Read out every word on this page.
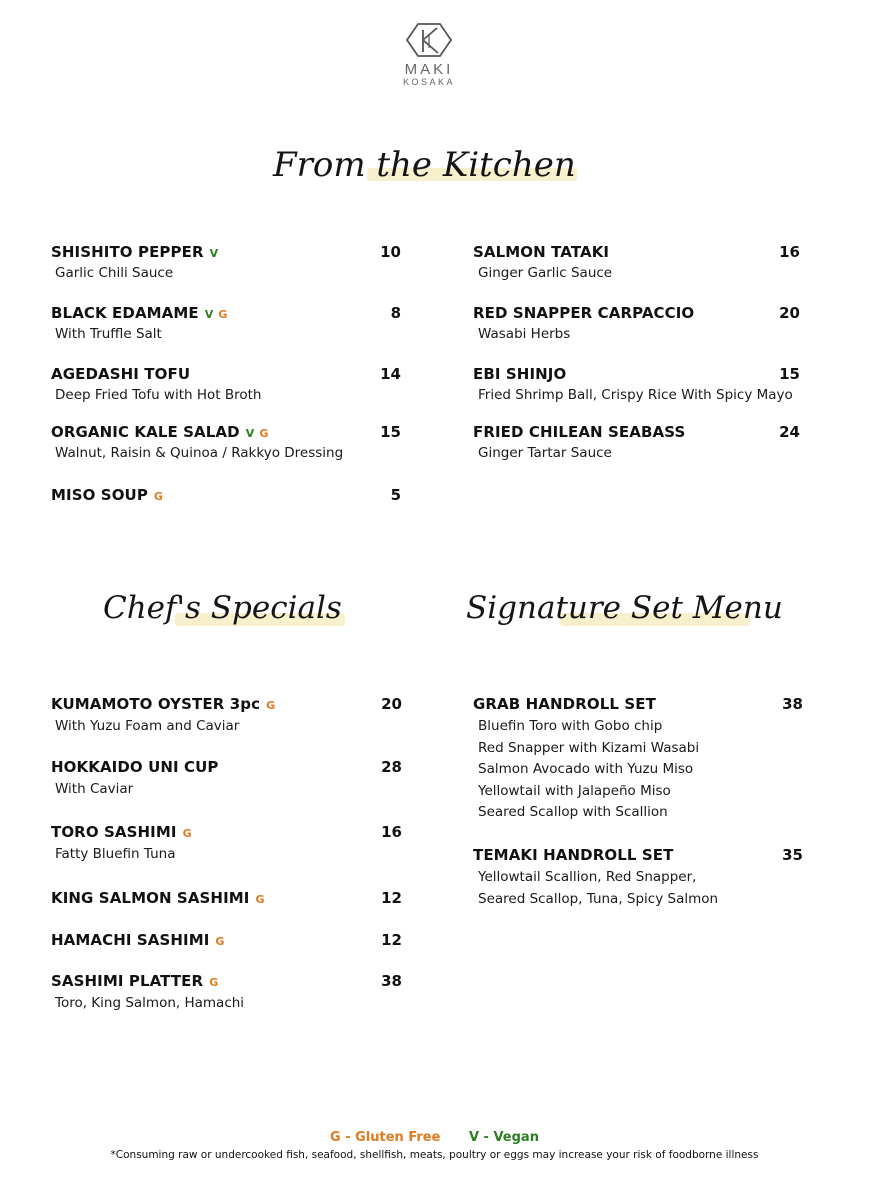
MAKI
KOSAKA
From the Kitchen
Chef's Specials	Signature Set Menu
SHISHITO PEPPER V	10
Garlic Chili Sauce
BLACK EDAMAME V G	8
With Truffle Salt
AGEDASHI TOFU	14
Deep Fried Tofu with Hot Broth
ORGANIC KALE SALAD V G	15
Walnut, Raisin & Quinoa / Rakkyo Dressing
MISO SOUP G	5
SALMON TATAKI	16
Ginger Garlic Sauce
RED SNAPPER CARPACCIO	20
Wasabi Herbs
EBI SHINJO	15
Fried Shrimp Ball, Crispy Rice With Spicy Mayo
FRIED CHILEAN SEABASS	24
Ginger Tartar Sauce
KUMAMOTO OYSTER 3pc G	20
With Yuzu Foam and Caviar
HOKKAIDO UNI CUP	28
With Caviar
TORO SASHIMI G	16
Fatty Bluefin Tuna
KING SALMON SASHIMI G	12
HAMACHI SASHIMI G	12
SASHIMI PLATTER G	38
Toro, King Salmon, Hamachi
GRAB HANDROLL SET	38
Bluefin Toro with Gobo chip
Red Snapper with Kizami Wasabi
Salmon Avocado with Yuzu Miso
Yellowtail with Jalapeño Miso
Seared Scallop with Scallion
TEMAKI HANDROLL SET	35
Yellowtail Scallion, Red Snapper,
Seared Scallop, Tuna, Spicy Salmon
G - Gluten Free V - Vegan
*Consuming raw or undercooked fish, seafood, shellfish, meats, poultry or eggs may increase your risk of foodborne illness
